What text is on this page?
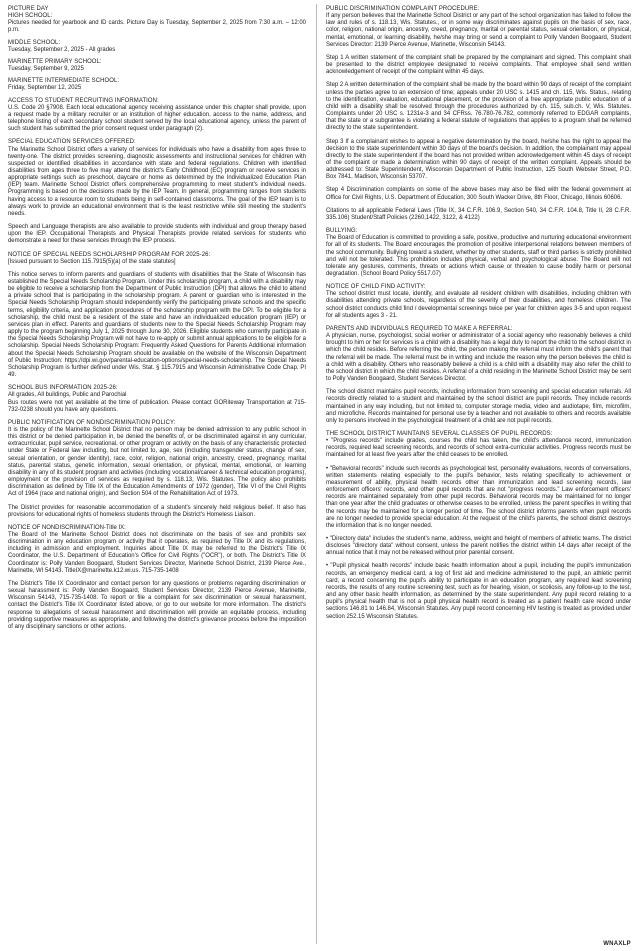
PICTURE DAY
HIGH SCHOOL:

Pictures needed for yearbook and ID cards. Picture Day is Tuesday, September 2, 2025 from 7:30 a.m. – 12:00 p.m.

MIDDLE SCHOOL:

Tuesday, September 2, 2025 - All grades

MARINETTE PRIMARY SCHOOL:

Tuesday, September 9, 2025

MARINETTE INTERMEDIATE SCHOOL:

Friday, September 12, 2025

ACCESS TO STUDENT RECRUITING INFORMATION:

U.S. Code 20 §7908. Each local educational agency receiving assistance under this chapter shall provide, upon a request made by a military recruiter or an institution of higher education, access to the name, address, and telephone listing of each secondary school student served by the local educational agency, unless the parent of such student has submitted the prior consent request under paragraph (2).

SPECIAL EDUCATION SERVICES OFFERED:

The Marinette School District offers a variety of services for individuals who have a disability from ages three to twenty-one. The district provides screening, diagnostic assessments and instructional services for children with suspected or identified disabilities in accordance with state and federal regulations. Children with identified disabilities from ages three to five may attend the district's Early Childhood (EC) program or receive services in appropriate settings such as preschool, daycare or home as determined by the Individualized Education Plan (IEP) team. Marinette School District offers comprehensive programming to meet student's individual needs. Programming is based on the decisions made by the IEP Team. In general, programming ranges from students having access to a resource room to students being in self-contained classrooms. The goal of the IEP team is to always work to provide an educational environment that is the least restrictive while still meeting the student's needs.

Speech and Language therapists are also available to provide students with individual and group therapy based upon the IEP. Occupational Therapists and Physical Therapists provide related services for students who demonstrate a need for these services through the IEP process.

NOTICE OF SPECIAL NEEDS SCHOLARSHIP PROGRAM FOR 2025-26:

[Issued pursuant to Section 115.7915(5)(a) of the state statutes]

This notice serves to inform parents and guardians of students with disabilities that the State of Wisconsin has established the Special Needs Scholarship Program. Under this scholarship program, a child with a disability may be eligible to receive a scholarship from the Department of Public Instruction (DPI) that allows the child to attend a private school that is participating in the scholarship program. A parent or guardian who is interested in the Special Needs Scholarship Program should independently verify the participating private schools and the specific terms, eligibility criteria, and application procedures of the scholarship program with the DPI. To be eligible for a scholarship, the child must be a resident of the state and have an individualized education program (IEP) or services plan in effect. Parents and guardians of students new to the Special Needs Scholarship Program may apply to the program beginning July 1, 2025 through June 30, 2026. Eligible students who currently participate in the Special Needs Scholarship Program will not have to re-apply or submit annual applications to be eligible for a scholarship. Special Needs Scholarship Program: Frequently Asked Questions for Parents Additional information about the Special Needs Scholarship Program should be available on the website of the Wisconsin Department of Public Instruction: https://dpi.wi.gov/parental-education-options/special-needs-scholarship. The Special Needs Scholarship Program is further defined under Wis. Stat. § 115.7915 and Wisconsin Administrative Code Chap. PI 49.

SCHOOL BUS INFORMATION 2025-26:

All grades, All buildings, Public and Parochial

Bus routes were not yet available at the time of publication. Please contact GORiteway Transportation at 715-732-0238 should you have any questions.

PUBLIC NOTIFICATION OF NONDISCRIMINATION POLICY:

It is the policy of the Marinette School District that no person may be denied admission to any public school in this district or be denied participation in, be denied the benefits of, or be discriminated against in any curricular, extracurricular, pupil service, recreational, or other program or activity on the basis of any characteristic protected under State or Federal law including, but not limited to, age, sex (including transgender status, change of sex, sexual orientation, or gender identity), race, color, religion, national origin, ancestry, creed, pregnancy, marital status, parental status, genetic information, sexual orientation, or physical, mental, emotional, or learning disability in any of its student program and activities (including vocational/career & technical education programs), employment or the provision of services as required by s. 118.13, Wis. Statutes. The policy also prohibits discrimination as defined by Title IX of the Education Amendments of 1972 (gender), Title VI of the Civil Rights Act of 1964 (race and national origin), and Section 504 of the Rehabilitation Act of 1973.

The District provides for reasonable accommodation of a student's sincerely held religious belief. It also has provisions for educational rights of homeless students through the District's Homeless Liaison.

NOTICE OF NONDISCRIMINATION-Title IX:

The Board of the Marinette School District does not discriminate on the basis of sex and prohibits sex discrimination in any education program or activity that it operates, as required by Title IX and its regulations, including in admission and employment. Inquiries about Title IX may be referred to the District's Title IX Coordinator, the U.S. Department of Education's Office for Civil Rights ("OCR"), or both. The District's Title IX Coordinator is: Polly Vanden Boogaard, Student Services Director, Marinette School District, 2139 Pierce Ave., Marinette, WI 54143. TitleIX@marinette.k12.wi.us. 715-735-1408

The District's Title IX Coordinator and contact person for any questions or problems regarding discrimination or sexual harassment is: Polly Vanden Boogaard, Student Services Director, 2139 Pierce Avenue, Marinette, Wisconsin 54143, 715-735-1408. To report or file a complaint for sex discrimination or sexual harassment, contact the District's Title IX Coordinator listed above, or go to our website for more information. The district's response to allegations of sexual harassment and discrimination will provide an equitable process, including providing supportive measures as appropriate, and following the district's grievance process before the imposition of any disciplinary sanctions or other actions.

PUBLIC DISCRIMINATION COMPLAINT PROCEDURE:

If any person believes that the Marinette School District or any part of the school organization has failed to follow the law and rules of s. 118.13, Wis. Statutes., or in some way discriminates against pupils on the basis of sex, race, color, religion, national origin, ancestry, creed, pregnancy, marital or parental status, sexual orientation, or physical, mental, emotional, or learning disability, he/she may bring or send a complaint to Polly Vanden Boogaard, Student Services Director: 2139 Pierce Avenue, Marinette, Wisconsin 54143.

Step 1 A written statement of the complaint shall be prepared by the complainant and signed. This complaint shall be presented to the district employee designated to receive complaints. That employee shall send written acknowledgement of receipt of the complaint within 45 days.

Step 2 A written determination of the complaint shall be made by the board within 90 days of receipt of the complaint unless the parties agree to an extension of time; appeals under 20 USC s. 1415 and ch. 115, Wis. Status., relating to the identification, evaluation, educational placement, or the provision of a free appropriate public education of a child with a disability shall be resolved through the procedures authorized by ch. 115, sub.ch. V, Wis. Statutes. Complaints under 20 USC s. 1231e-3 and 34 CFRss. 76.780-76.782, commonly referred to EDGAR complaints, that the state or a subgrantee is violating a federal statute of regulations that applies to a program shall be referred directly to the state superintendent.

Step 3 If a complainant wishes to appeal a negative determination by the board, he/she has the right to appeal the decision to the state superintendent within 30 days of the board's decision. In addition, the complainant may appeal directly to the state superintendent if the board has not provided written acknowledgement within 45 days of receipt of the complaint or made a determination within 90 days of receipt of the written complaint. Appeals should be addressed to: State Superintendent, Wisconsin Department of Public Instruction, 125 South Webster Street, P.O. Box 7841, Madison, Wisconsin 53707.

Step 4 Discrimination complaints on some of the above bases may also be filed with the federal government at Office for Civil Rights, U.S. Department of Education, 300 South Wacker Drive, 8th Floor, Chicago, Illinois 60606.

Citations to all applicable Federal Laws (Title IX, 34 C.F.R. 106.9, Section 540, 34 C.F.R. 104.8, Title II, 28 C.F.R. 335.106) Student/Staff Policies (2260,1422, 3122, & 4122)

BULLYING:

The Board of Education is committed to providing a safe, positive, productive and nurturing educational environment for all of its students. The Board encourages the promotion of positive interpersonal relations between members of the school community. Bullying toward a student, whether by other students, staff or third parties is strictly prohibited and will not be tolerated. This prohibition includes physical, verbal and psychological abuse. The Board will not tolerate any gestures, comments, threats or actions which cause or threaten to cause bodily harm or personal degradation. (School Board Policy 5517.07)

NOTICE OF CHILD FIND ACTIVITY:

The school district must locate, identify, and evaluate all resident children with disabilities, including children with disabilities attending private schools, regardless of the severity of their disabilities, and homeless children. The school district conducts child find / developmental screenings twice per year for children ages 3-5 and upon request for all students ages 3 - 21.

PARENTS AND INDIVIDUALS REQUIRED TO MAKE A REFERRAL:

A physician, nurse, psychologist, social worker or administrator of a social agency who reasonably believes a child brought to him or her for services is a child with a disability has a legal duty to report the child to the school district in which the child resides. Before referring the child, the person making the referral must inform the child's parent that the referral will be made. The referral must be in writing and include the reason why the person believes the child is a child with a disability. Others who reasonably believe a child is a child with a disability may also refer the child to the school district in which the child resides. A referral of a child residing in the Marinette School District may be sent to Polly Vanden Boogaard, Student Services Director.

The school district maintains pupil records, including information from screening and special education referrals. All records directly related to a student and maintained by the school district are pupil records. They include records maintained in any way including, but not limited to, computer storage media, video and audiotape, film, microfilm, and microfiche. Records maintained for personal use by a teacher and not available to others and records available only to persons involved in the psychological treatment of a child are not pupil records.

THE SCHOOL DISTRICT MAINTAINS SEVERAL CLASSES OF PUPIL RECORDS:
• "Progress records" include grades, courses the child has taken, the child's attendance record, immunization records, required lead screening records, and records of school extra-curricular activities. Progress records must be maintained for at least five years after the child ceases to be enrolled.
• "Behavioral records" include such records as psychological test, personality evaluations, records of conversations, written statements relating especially to the pupil's behavior, tests relating specifically to achievement or measurement of ability, physical health records other than immunization and lead screening records, law enforcement officers' records, and other pupil records that are not "progress records." Law enforcement officers' records are maintained separately from other pupil records. Behavioral records may be maintained for no longer than one year after the child graduates or otherwise ceases to be enrolled, unless the parent specifies in writing that the records may be maintained for a longer period of time. The school district informs parents when pupil records are no longer needed to provide special education. At the request of the child's parents, the school district destroys the information that is no longer needed.
• "Directory data" includes the student's name, address, weight and height of members of athletic teams. The district discloses "directory data" without consent, unless the parent notifies the district within 14 days after receipt of the annual notice that it may not be released without prior parental consent.
• "Pupil physical health records" include basic health information about a pupil, including the pupil's immunization records, an emergency medical card, a log of first aid and medicine administered to the pupil, an athletic permit card, a record concerning the pupil's ability to participate in an education program, any required lead screening records, the results of any routine screening test, such as for hearing, vision, or scoliosis, any follow-up to the test, and any other basic health information, as determined by the state superintendent. Any pupil record relating to a pupil's physical health that is not a pupil physical health record is treated as a patient health care record under sections 146.81 to 146.84, Wisconsin Statutes. Any pupil record concerning HIV testing is treated as provided under section 252.15 Wisconsin Statutes.
WNAXLP
